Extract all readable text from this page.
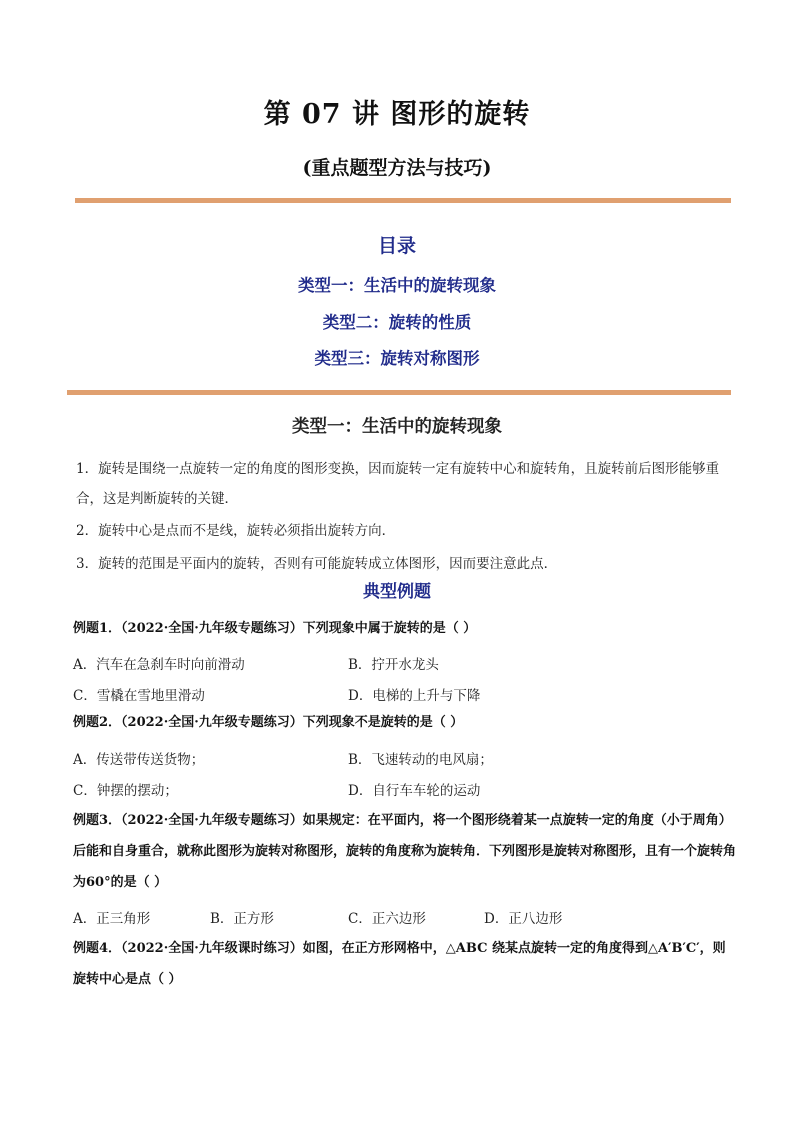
第 07 讲 图形的旋转
(重点题型方法与技巧)
目录
类型一：生活中的旋转现象
类型二：旋转的性质
类型三：旋转对称图形
类型一：生活中的旋转现象
1．旋转是围绕一点旋转一定的角度的图形变换，因而旋转一定有旋转中心和旋转角，且旋转前后图形能够重合，这是判断旋转的关键．
2．旋转中心是点而不是线，旋转必须指出旋转方向．
3．旋转的范围是平面内的旋转，否则有可能旋转成立体图形，因而要注意此点．
典型例题
例题1．（2022·全国·九年级专题练习）下列现象中属于旋转的是（ ）
A．汽车在急刹车时向前滑动	B．拧开水龙头
C．雪橇在雪地里滑动	D．电梯的上升与下降
例题2．（2022·全国·九年级专题练习）下列现象不是旋转的是（ ）
A．传送带传送货物；	B．飞速转动的电风扇；
C．钟摆的摆动；	D．自行车车轮的运动
例题3．（2022·全国·九年级专题练习）如果规定：在平面内，将一个图形绕着某一点旋转一定的角度（小于周角）后能和自身重合，就称此图形为旋转对称图形，旋转的角度称为旋转角．下列图形是旋转对称图形，且有一个旋转角为60°的是（ ）
A．正三角形	B．正方形	C．正六边形	D．正八边形
例题4．（2022·全国·九年级课时练习）如图，在正方形网格中，△ABC 绕某点旋转一定的角度得到△A′B′C′，则旋转中心是点（ ）
